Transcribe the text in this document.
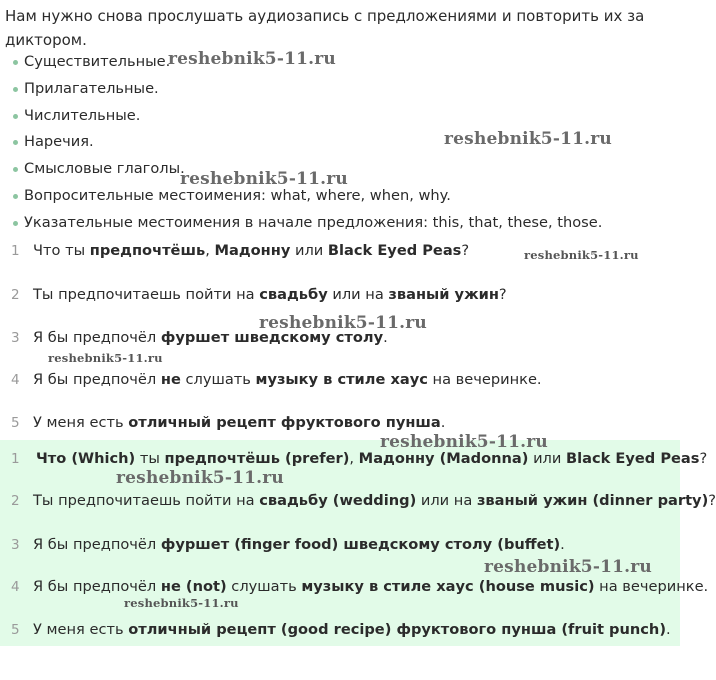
Нам нужно снова прослушать аудиозапись с предложениями и повторить их за диктором.

Существительные.
Прилагательные.
Числительные.
Наречия.
Смысловые глаголы.
Вопросительные местоимения: what, where, when, why.
Указательные местоимения в начале предложения: this, that, these, those.
1 Что ты предпочтёшь, Мадонну или Black Eyed Peas?
2 Ты предпочитаешь пойти на свадьбу или на званый ужин?
3 Я бы предпочёл фуршет шведскому столу.
4 Я бы предпочёл не слушать музыку в стиле хаус на вечеринке.
5 У меня есть отличный рецепт фруктового пунша.
1 Что (Which) ты предпочтёшь (prefer), Мадонну (Madonna) или Black Eyed Peas?
2 Ты предпочитаешь пойти на свадьбу (wedding) или на званый ужин (dinner party)?
3 Я бы предпочёл фуршет (finger food) шведскому столу (buffet).
4 Я бы предпочёл не (not) слушать музыку в стиле хаус (house music) на вечеринке.
5 У меня есть отличный рецепт (good recipe) фруктового пунша (fruit punch).
reshebnik5-11.ru
reshebnik5-11.ru
reshebnik5-11.ru
reshebnik5-11.ru
reshebnik5-11.ru
reshebnik5-11.ru
reshebnik5-11.ru
reshebnik5-11.ru
reshebnik5-11.ru
reshebnik5-11.ru
